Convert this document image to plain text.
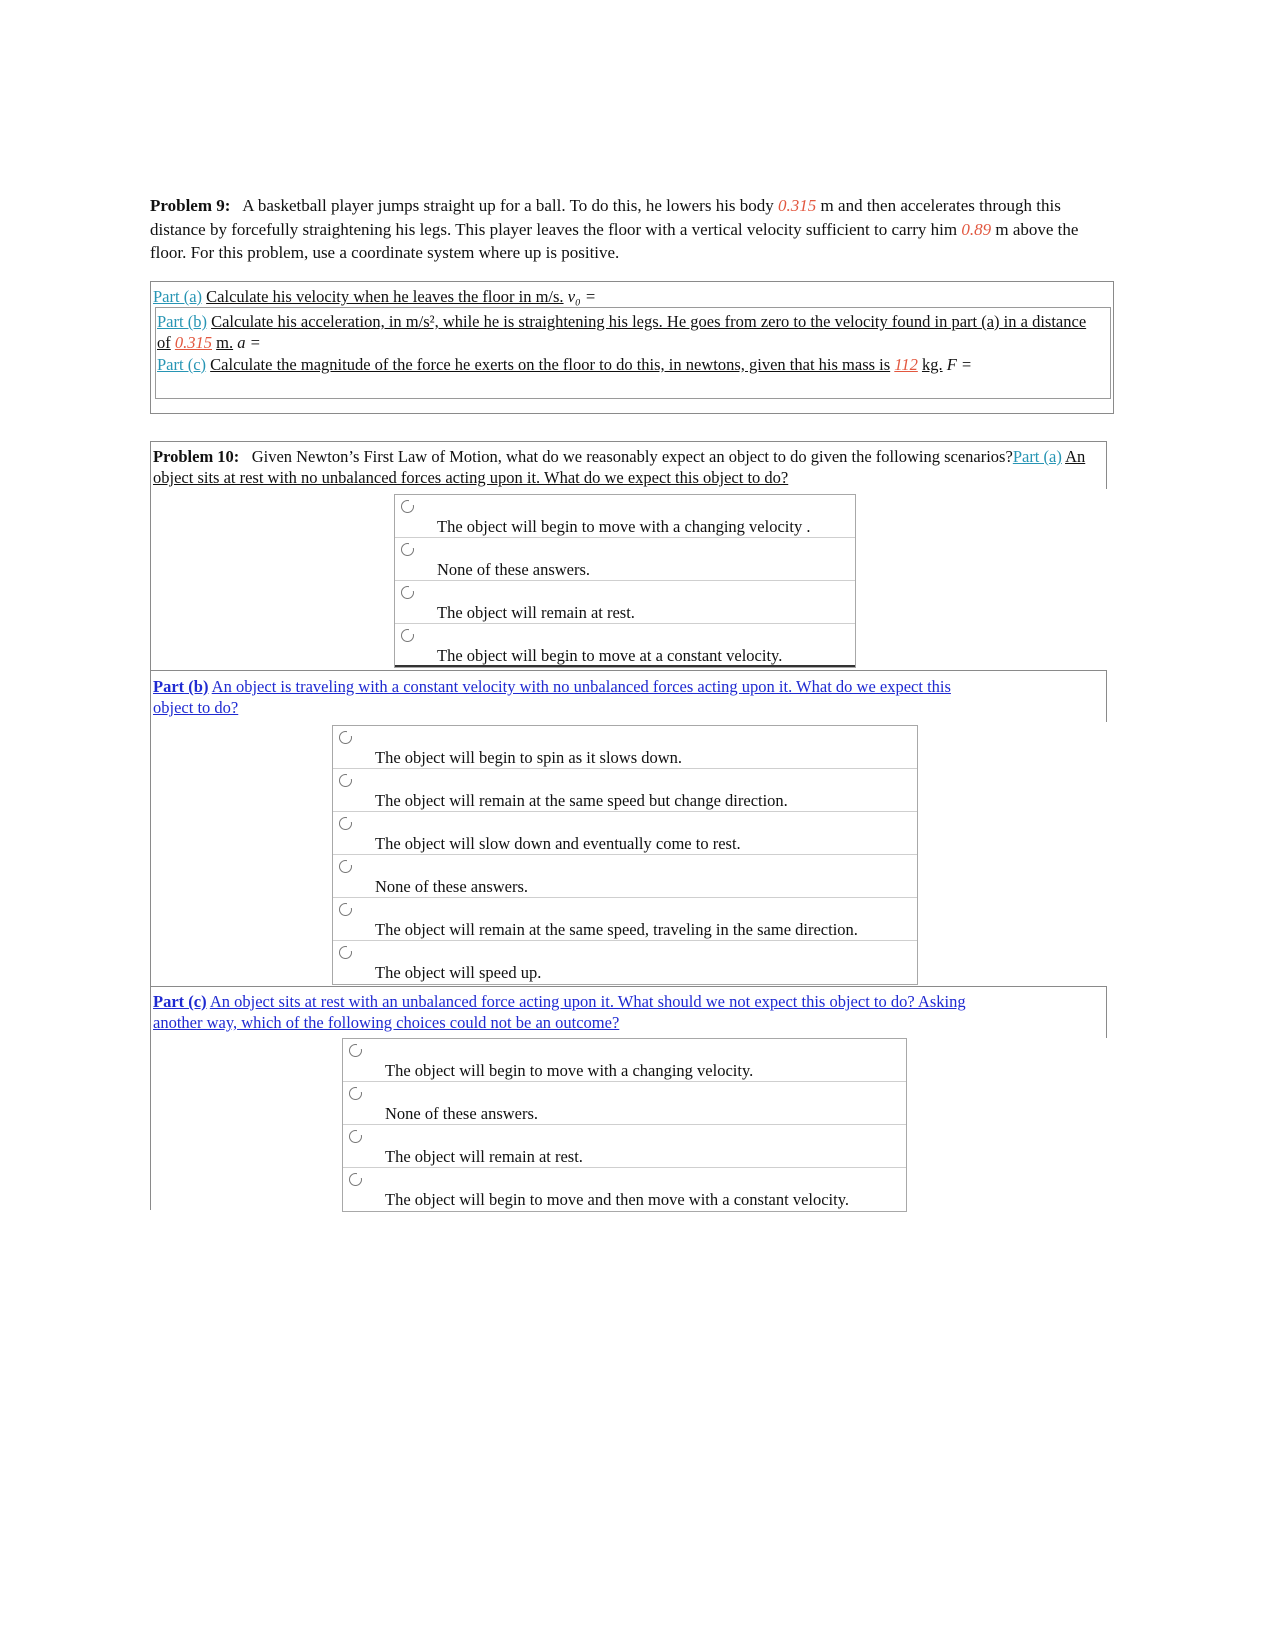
Problem 9: A basketball player jumps straight up for a ball. To do this, he lowers his body 0.315 m and then accelerates through this distance by forcefully straightening his legs. This player leaves the floor with a vertical velocity sufficient to carry him 0.89 m above the floor. For this problem, use a coordinate system where up is positive.
Part (a) Calculate his velocity when he leaves the floor in m/s. v₀ =
Part (b) Calculate his acceleration, in m/s², while he is straightening his legs. He goes from zero to the velocity found in part (a) in a distance of 0.315 m. a =
Part (c) Calculate the magnitude of the force he exerts on the floor to do this, in newtons, given that his mass is 112 kg. F =
Problem 10: Given Newton’s First Law of Motion, what do we reasonably expect an object to do given the following scenarios?Part (a) An object sits at rest with no unbalanced forces acting upon it. What do we expect this object to do?
The object will begin to move with a changing velocity .
None of these answers.
The object will remain at rest.
The object will begin to move at a constant velocity.
Part (b) An object is traveling with a constant velocity with no unbalanced forces acting upon it. What do we expect this
object to do?
The object will begin to spin as it slows down.
The object will remain at the same speed but change direction.
The object will slow down and eventually come to rest.
None of these answers.
The object will remain at the same speed, traveling in the same direction.
The object will speed up.
Part (c) An object sits at rest with an unbalanced force acting upon it. What should we not expect this object to do? Asking
another way, which of the following choices could not be an outcome?
The object will begin to move with a changing velocity.
None of these answers.
The object will remain at rest.
The object will begin to move and then move with a constant velocity.
